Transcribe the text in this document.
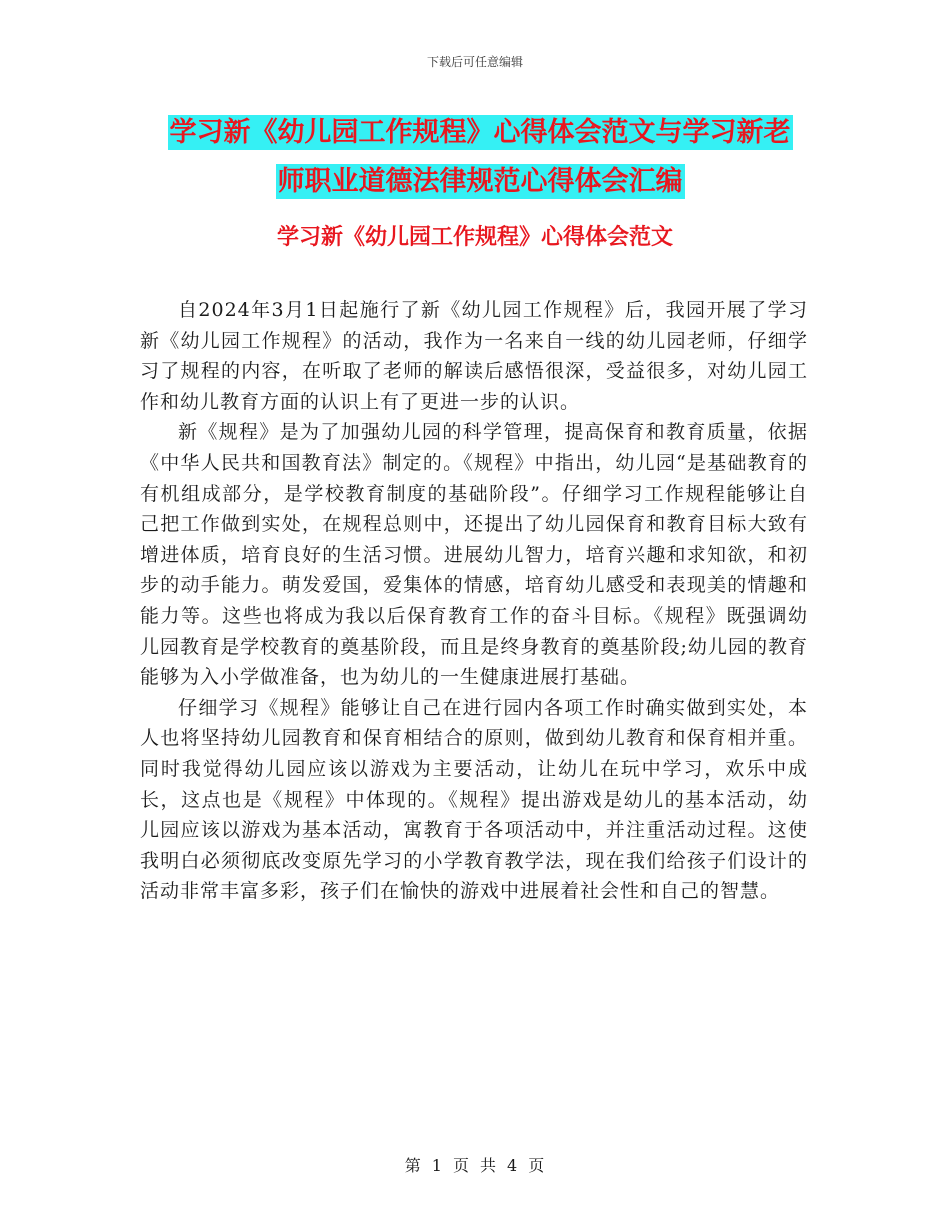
下载后可任意编辑
学习新《幼儿园工作规程》心得体会范文与学习新老
师职业道德法律规范心得体会汇编
学习新《幼儿园工作规程》心得体会范文

自2024年3月1日起施行了新《幼儿园工作规程》后，我园开展了学习新《幼儿园工作规程》的活动，我作为一名来自一线的幼儿园老师，仔细学习了规程的内容，在听取了老师的解读后感悟很深，受益很多，对幼儿园工作和幼儿教育方面的认识上有了更进一步的认识。

新《规程》是为了加强幼儿园的科学管理，提高保育和教育质量，依据《中华人民共和国教育法》制定的。《规程》中指出，幼儿园“是基础教育的有机组成部分，是学校教育制度的基础阶段”。仔细学习工作规程能够让自己把工作做到实处，在规程总则中，还提出了幼儿园保育和教育目标大致有增进体质，培育良好的生活习惯。进展幼儿智力，培育兴趣和求知欲，和初步的动手能力。萌发爱国，爱集体的情感，培育幼儿感受和表现美的情趣和能力等。这些也将成为我以后保育教育工作的奋斗目标。《规程》既强调幼儿园教育是学校教育的奠基阶段，而且是终身教育的奠基阶段;幼儿园的教育能够为入小学做准备，也为幼儿的一生健康进展打基础。

仔细学习《规程》能够让自己在进行园内各项工作时确实做到实处，本人也将坚持幼儿园教育和保育相结合的原则，做到幼儿教育和保育相并重。同时我觉得幼儿园应该以游戏为主要活动，让幼儿在玩中学习，欢乐中成长，这点也是《规程》中体现的。《规程》提出游戏是幼儿的基本活动，幼儿园应该以游戏为基本活动，寓教育于各项活动中，并注重活动过程。这使我明白必须彻底改变原先学习的小学教育教学法，现在我们给孩子们设计的活动非常丰富多彩，孩子们在愉快的游戏中进展着社会性和自己的智慧。

第 1 页 共 4 页
